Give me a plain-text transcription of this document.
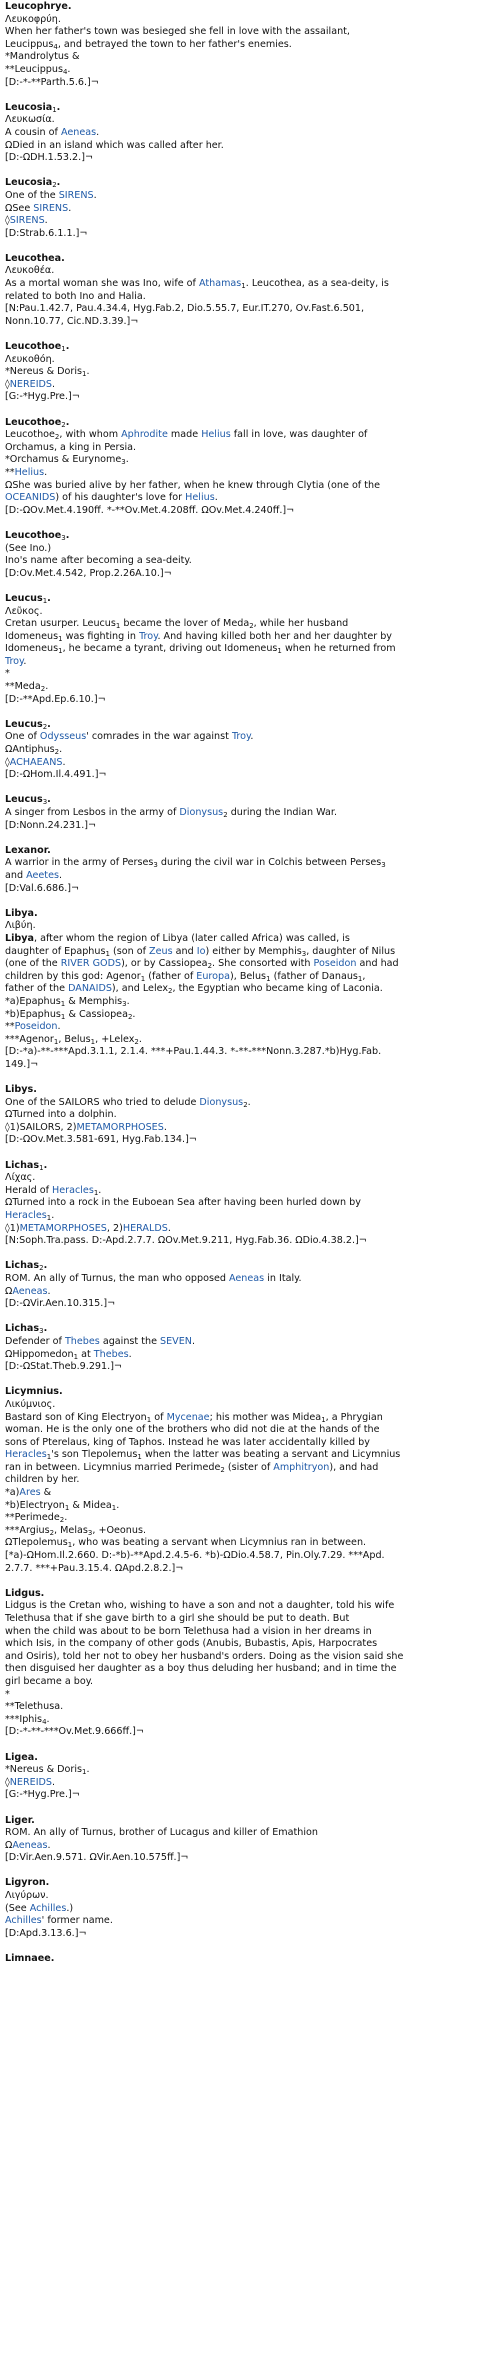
Leucophrye.
Λευκοφρύη.
When her father's town was besieged she fell in love with the assailant,
Leucippus$_4$, and betrayed the town to her father's enemies.
*Mandrolytus &
**Leucippus$_4$.
[D:-*-**Parth.5.6.]¬
Leucosia$_1$.
Λευκωσία.
A cousin of Aeneas.
ΩDied in an island which was called after her.
[D:-ΩDH.1.53.2.]¬
Leucosia$_2$.
One of the SIRENS.
ΩSee SIRENS.
◊SIRENS.
[D:Strab.6.1.1.]¬
Leucothea.
Λευκοθέα.
As a mortal woman she was Ino, wife of Athamas$_1$. Leucothea, as a sea-deity, is
related to both Ino and Halia.
[N:Pau.1.42.7, Pau.4.34.4, Hyg.Fab.2, Dio.5.55.7, Eur.IT.270, Ov.Fast.6.501,
Nonn.10.77, Cic.ND.3.39.]¬
Leucothoe$_1$.
Λευκοθόη.
*Nereus & Doris$_1$.
◊NEREIDS.
[G:-*Hyg.Pre.]¬
Leucothoe$_2$.
Leucothoe$_2$, with whom Aphrodite made Helius fall in love, was daughter of
Orchamus, a king in Persia.
*Orchamus & Eurynome$_3$.
**Helius.
ΩShe was buried alive by her father, when he knew through Clytia (one of the
OCEANIDS) of his daughter's love for Helius.
[D:-ΩOv.Met.4.190ff. *-**Ov.Met.4.208ff. ΩOv.Met.4.240ff.]¬
Leucothoe$_3$.
(See Ino.)
Ino's name after becoming a sea-deity.
[D:Ov.Met.4.542, Prop.2.26A.10.]¬
Leucus$_1$.
Λεῦκος.
Cretan usurper. Leucus$_1$ became the lover of Meda$_2$, while her husband
Idomeneus$_1$ was fighting in Troy. And having killed both her and her daughter by
Idomeneus$_1$, he became a tyrant, driving out Idomeneus$_1$ when he returned from
Troy.
*
**Meda$_2$.
[D:-**Apd.Ep.6.10.]¬
Leucus$_2$.
One of Odysseus' comrades in the war against Troy.
ΩAntiphus$_2$.
◊ACHAEANS.
[D:-ΩHom.Il.4.491.]¬
Leucus$_3$.
A singer from Lesbos in the army of Dionysus$_2$ during the Indian War.
[D:Nonn.24.231.]¬
Lexanor.
A warrior in the army of Perses$_3$ during the civil war in Colchis between Perses$_3$
and Aeetes.
[D:Val.6.686.]¬
Libya.
Λιβύη.
Libya, after whom the region of Libya (later called Africa) was called, is
daughter of Epaphus$_1$ (son of Zeus and Io) either by Memphis$_3$, daughter of Nilus
(one of the RIVER GODS), or by Cassiopea$_2$. She consorted with Poseidon and had
children by this god: Agenor$_1$ (father of Europa), Belus$_1$ (father of Danaus$_1$,
father of the DANAIDS), and Lelex$_2$, the Egyptian who became king of Laconia.
*a)Epaphus$_1$ & Memphis$_3$.
*b)Epaphus$_1$ & Cassiopea$_2$.
**Poseidon.
***Agenor$_1$, Belus$_1$, +Lelex$_2$.
[D:-*a)-**-***Apd.3.1.1, 2.1.4. ***+Pau.1.44.3. *-**-***Nonn.3.287.*b)Hyg.Fab.
149.]¬
Libys.
One of the SAILORS who tried to delude Dionysus$_2$.
ΩTurned into a dolphin.
◊1)SAILORS, 2)METAMORPHOSES.
[D:-ΩOv.Met.3.581-691, Hyg.Fab.134.]¬
Lichas$_1$.
Λίχας.
Herald of Heracles$_1$.
ΩTurned into a rock in the Euboean Sea after having been hurled down by
Heracles$_1$.
◊1)METAMORPHOSES, 2)HERALDS.
[N:Soph.Tra.pass. D:-Apd.2.7.7. ΩOv.Met.9.211, Hyg.Fab.36. ΩDio.4.38.2.]¬
Lichas$_2$.
ROM. An ally of Turnus, the man who opposed Aeneas in Italy.
ΩAeneas.
[D:-ΩVir.Aen.10.315.]¬
Lichas$_3$.
Defender of Thebes against the SEVEN.
ΩHippomedon$_1$ at Thebes.
[D:-ΩStat.Theb.9.291.]¬
Licymnius.
Λικύμνιος.
Bastard son of King Electryon$_1$ of Mycenae; his mother was Midea$_1$, a Phrygian
woman. He is the only one of the brothers who did not die at the hands of the
sons of Pterelaus, king of Taphos. Instead he was later accidentally killed by
Heracles$_1$'s son Tlepolemus$_1$ when the latter was beating a servant and Licymnius
ran in between. Licymnius married Perimede$_2$ (sister of Amphitryon), and had
children by her.
*a)Ares &
*b)Electryon$_1$ & Midea$_1$.
**Perimede$_2$.
***Argius$_2$, Melas$_3$, +Oeonus.
ΩTlepolemus$_1$, who was beating a servant when Licymnius ran in between.
[*a)-ΩHom.Il.2.660. D:-*b)-**Apd.2.4.5-6. *b)-ΩDio.4.58.7, Pin.Oly.7.29. ***Apd.
2.7.7. ***+Pau.3.15.4. ΩApd.2.8.2.]¬
Lidgus.
Lidgus is the Cretan who, wishing to have a son and not a daughter, told his wife
Telethusa that if she gave birth to a girl she should be put to death. But
when the child was about to be born Telethusa had a vision in her dreams in
which Isis, in the company of other gods (Anubis, Bubastis, Apis, Harpocrates
and Osiris), told her not to obey her husband's orders. Doing as the vision said she
then disguised her daughter as a boy thus deluding her husband; and in time the
girl became a boy.
*
**Telethusa.
***Iphis$_4$.
[D:-*-**-***Ov.Met.9.666ff.]¬
Ligea.
*Nereus & Doris$_1$.
◊NEREIDS.
[G:-*Hyg.Pre.]¬
Liger.
ROM. An ally of Turnus, brother of Lucagus and killer of Emathion
ΩAeneas.
[D:Vir.Aen.9.571. ΩVir.Aen.10.575ff.]¬
Ligyron.
Λιγύρων.
(See Achilles.)
Achilles' former name.
[D:Apd.3.13.6.]¬
Limnaee.
